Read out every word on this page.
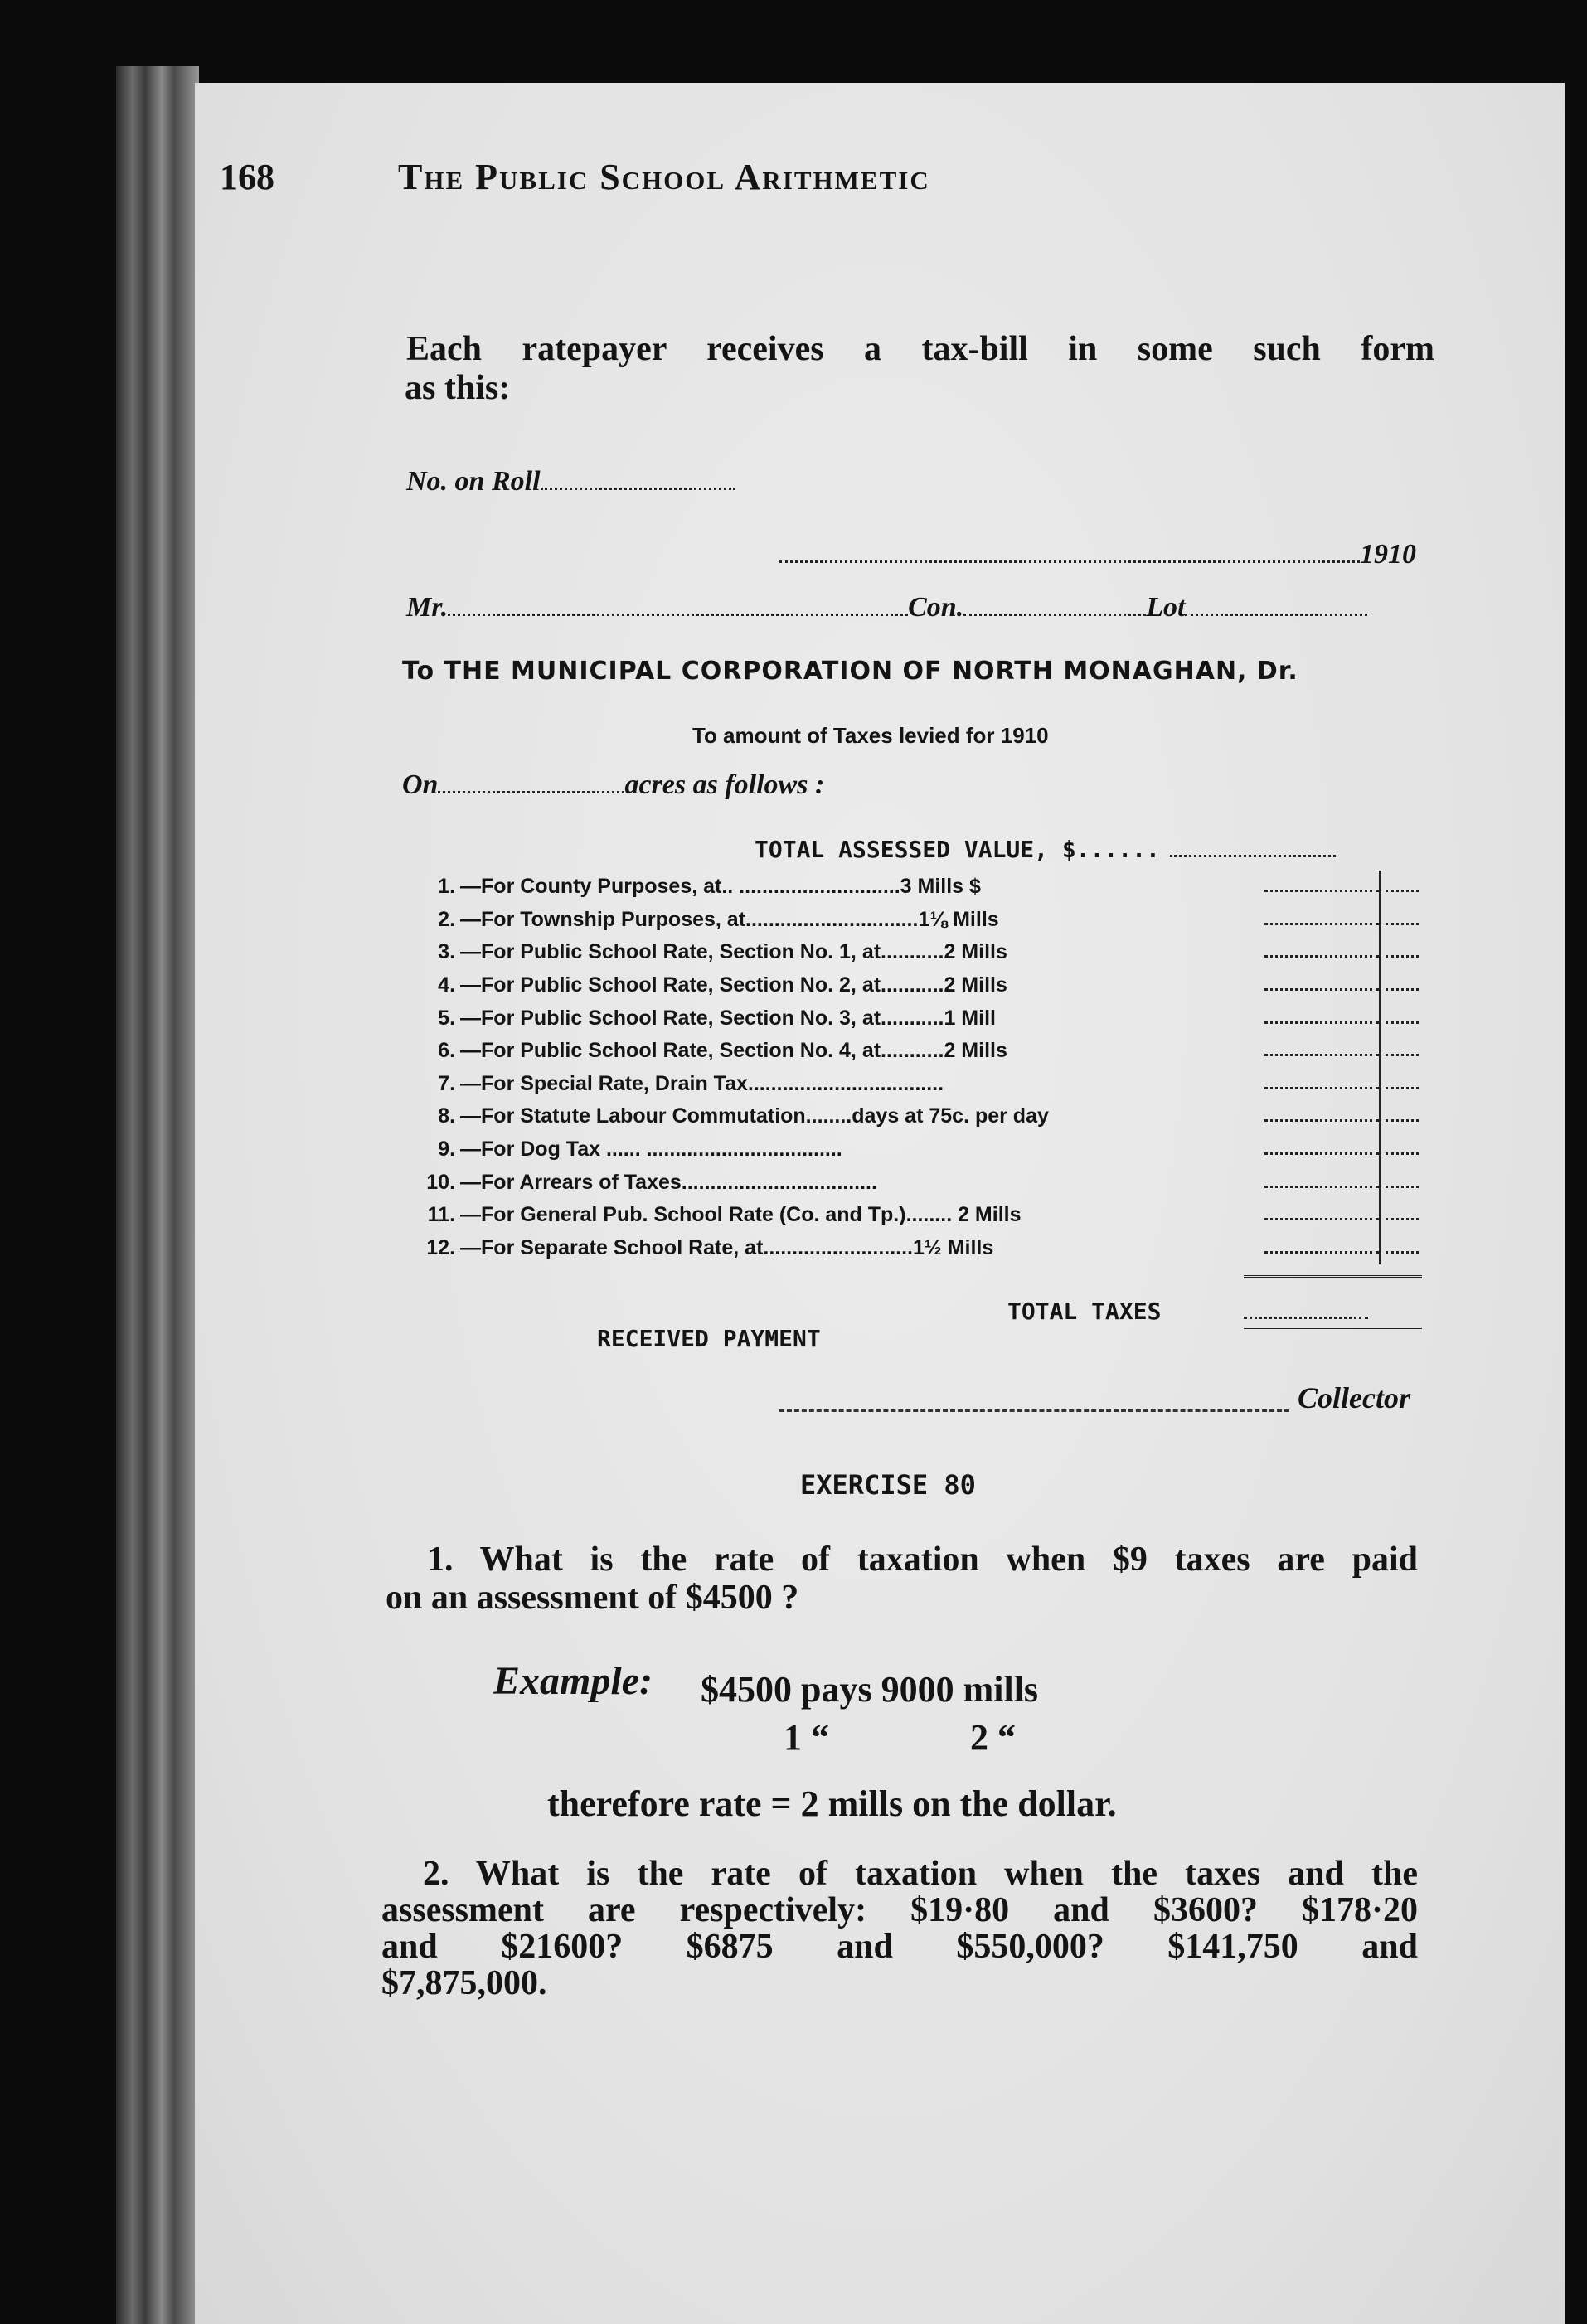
168	The Public School Arithmetic
Each ratepayer receives a tax-bill in some such form
as this:
No. on Roll
1910
Mr.	Con.	Lot
To THE MUNICIPAL CORPORATION OF NORTH MONAGHAN, Dr.
To amount of Taxes levied for 1910
On	acres as follows :
TOTAL ASSESSED VALUE, $......
1. —For County Purposes, at.. ............................3 Mills $
2. —For Township Purposes, at..............................1⅛ Mills
3. —For Public School Rate, Section No. 1, at...........2 Mills
4. —For Public School Rate, Section No. 2, at...........2 Mills
5. —For Public School Rate, Section No. 3, at...........1 Mill
6. —For Public School Rate, Section No. 4, at...........2 Mills
7. —For Special Rate, Drain Tax..................................
8. —For Statute Labour Commutation........days at 75c. per day
9. —For Dog Tax ...... ..................................
10. —For Arrears of Taxes..................................
11. —For General Pub. School Rate (Co. and Tp.)........ 2 Mills
12. —For Separate School Rate, at..........................1½ Mills
TOTAL TAXES
RECEIVED PAYMENT
Collector
EXERCISE 80
1. What is the rate of taxation when $9 taxes are paid
on an assessment of $4500 ?
Example: $4500 pays 9000 mills
1 “	2 “
therefore rate = 2 mills on the dollar.
2. What is the rate of taxation when the taxes and the
assessment are respectively: $19·80 and $3600? $178·20
and $21600? $6875 and $550,000? $141,750 and
$7,875,000.
